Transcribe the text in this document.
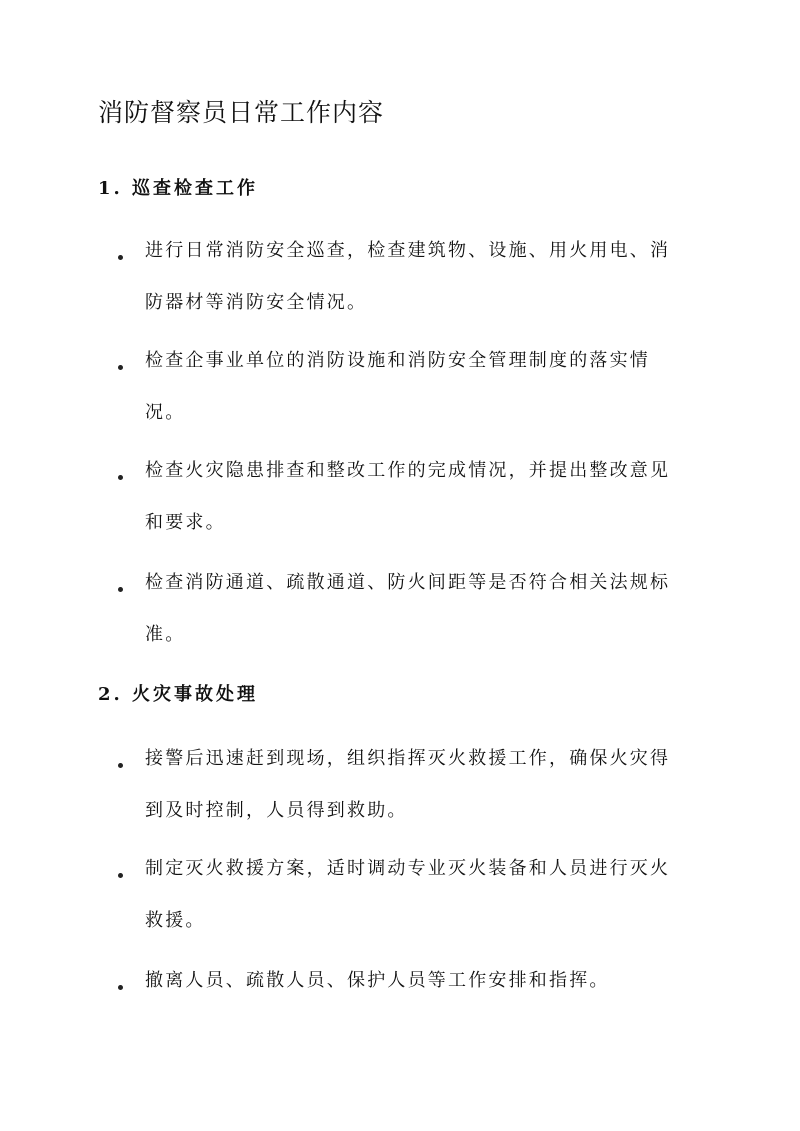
消防督察员日常工作内容
1. 巡查检查工作
进行日常消防安全巡查，检查建筑物、设施、用火用电、消防器材等消防安全情况。
检查企事业单位的消防设施和消防安全管理制度的落实情况。
检查火灾隐患排查和整改工作的完成情况，并提出整改意见和要求。
检查消防通道、疏散通道、防火间距等是否符合相关法规标准。
2. 火灾事故处理
接警后迅速赶到现场，组织指挥灭火救援工作，确保火灾得到及时控制，人员得到救助。
制定灭火救援方案，适时调动专业灭火装备和人员进行灭火救援。
撤离人员、疏散人员、保护人员等工作安排和指挥。
